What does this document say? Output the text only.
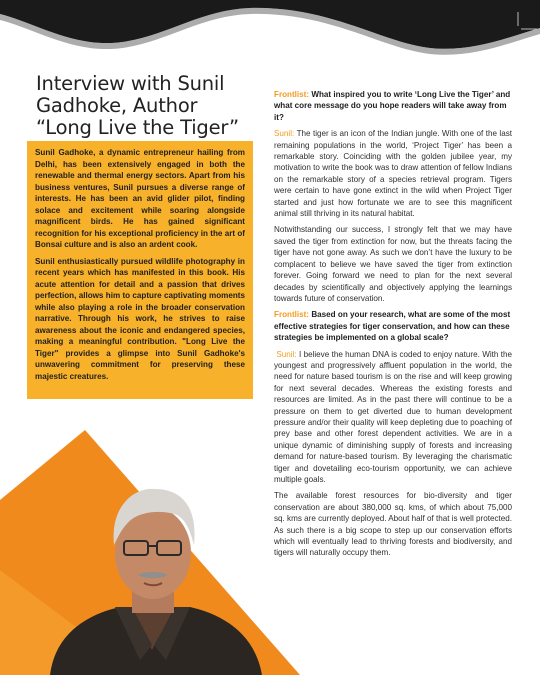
Interview with Sunil Gadhoke, Author “Long Live the Tiger”

Sunil Gadhoke, a dynamic entrepreneur hailing from Delhi, has been extensively engaged in both the renewable and thermal energy sectors. Apart from his business ventures, Sunil pursues a diverse range of interests. He has been an avid glider pilot, finding solace and excitement while soaring alongside magnificent birds. He has gained significant recognition for his exceptional proficiency in the art of Bonsai culture and is also an ardent cook.

Sunil enthusiastically pursued wildlife photography in recent years which has manifested in this book. His acute attention for detail and a passion that drives perfection, allows him to capture captivating moments while also playing a role in the broader conservation narrative. Through his work, he strives to raise awareness about the iconic and endangered species, making a meaningful contribution. "Long Live the Tiger" provides a glimpse into Sunil Gadhoke's unwavering commitment for preserving these majestic creatures.

Frontlist: What inspired you to write ‘Long Live the Tiger’ and what core message do you hope readers will take away from it?

Sunil: The tiger is an icon of the Indian jungle. With one of the last remaining populations in the world, ‘Project Tiger’ has been a remarkable story. Coinciding with the golden jubilee year, my motivation to write the book was to draw attention of fellow Indians on the remarkable story of a species retrieval program. Tigers were certain to have gone extinct in the wild when Project Tiger started and just how fortunate we are to see this magnificent animal still thriving in its natural habitat.

Notwithstanding our success, I strongly felt that we may have saved the tiger from extinction for now, but the threats facing the tiger have not gone away. As such we don’t have the luxury to be complacent to believe we have saved the tiger from extinction forever. Going forward we need to plan for the next several decades by scientifically and objectively applying the learnings towards future of conservation.

Frontlist: Based on your research, what are some of the most effective strategies for tiger conservation, and how can these strategies be implemented on a global scale?

Sunil: I believe the human DNA is coded to enjoy nature. With the youngest and progressively affluent population in the world, the need for nature based tourism is on the rise and will keep growing for next several decades. Whereas the existing forests and resources are limited. As in the past there will continue to be a pressure on them to get diverted due to human development pressure and/or their quality will keep depleting due to poaching of prey base and other forest dependent activities. We are in a unique dynamic of diminishing supply of forests and increasing demand for nature-based tourism. By leveraging the charismatic tiger and dovetailing eco-tourism opportunity, we can achieve multiple goals.

The available forest resources for bio-diversity and tiger conservation are about 380,000 sq. kms, of which about 75,000 sq. kms are currently deployed. About half of that is well protected. As such there is a big scope to step up our conservation efforts which will eventually lead to thriving forests and biodiversity, and tigers will naturally occupy them.
